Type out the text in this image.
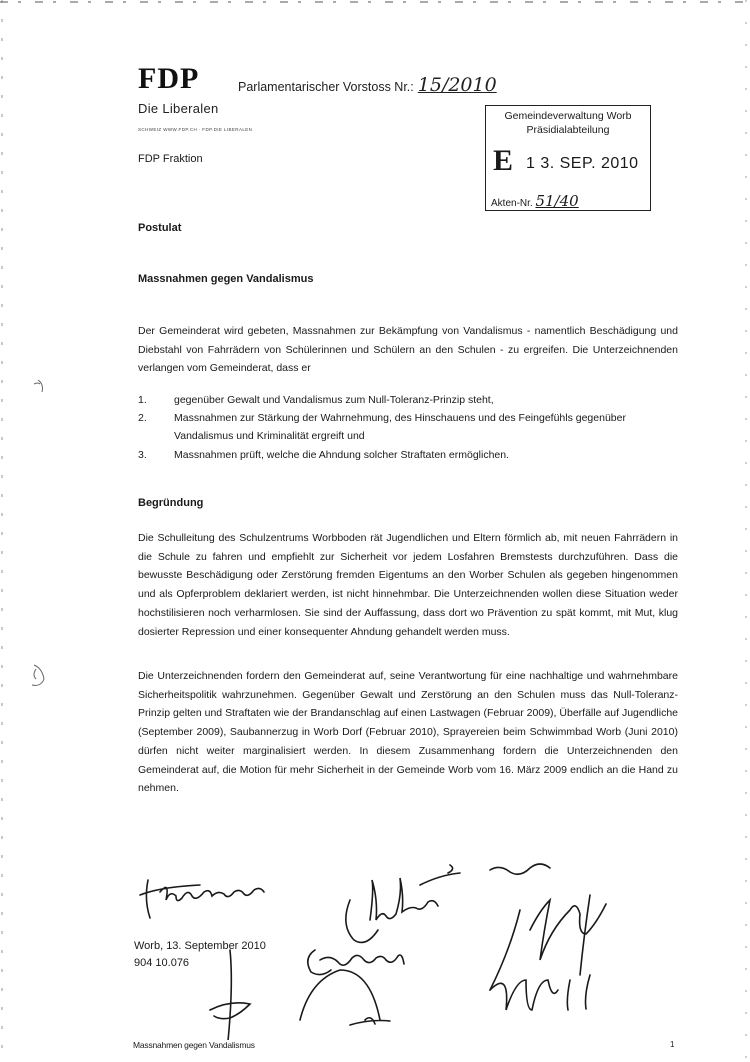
FDP	Parlamentarischer Vorstoss Nr.: 15/2010
Die Liberalen
SCHWEIZ WWW.FDP.CH · FDP.DIE LIBERALEN
FDP Fraktion
Gemeindeverwaltung Worb
Präsidialabteilung
E 1 3. SEP. 2010
Akten-Nr. 51/40
Postulat
Massnahmen gegen Vandalismus
Der Gemeinderat wird gebeten, Massnahmen zur Bekämpfung von Vandalismus - namentlich Beschädigung und Diebstahl von Fahrrädern von Schülerinnen und Schülern an den Schulen - zu ergreifen. Die Unterzeichnenden verlangen vom Gemeinderat, dass er
1.	gegenüber Gewalt und Vandalismus zum Null-Toleranz-Prinzip steht,
2.	Massnahmen zur Stärkung der Wahrnehmung, des Hinschauens und des Feingefühls gegenüber Vandalismus und Kriminalität ergreift und
3.	Massnahmen prüft, welche die Ahndung solcher Straftaten ermöglichen.
Begründung
Die Schulleitung des Schulzentrums Worbboden rät Jugendlichen und Eltern förmlich ab, mit neuen Fahrrädern in die Schule zu fahren und empfiehlt zur Sicherheit vor jedem Losfahren Bremstests durchzuführen. Dass die bewusste Beschädigung oder Zerstörung fremden Eigentums an den Worber Schulen als gegeben hingenommen und als Opferproblem deklariert werden, ist nicht hinnehmbar. Die Unterzeichnenden wollen diese Situation weder hochstilisieren noch verharmlosen. Sie sind der Auffassung, dass dort wo Prävention zu spät kommt, mit Mut, klug dosierter Repression und einer konsequenter Ahndung gehandelt werden muss.
Die Unterzeichnenden fordern den Gemeinderat auf, seine Verantwortung für eine nachhaltige und wahrnehmbare Sicherheitspolitik wahrzunehmen. Gegenüber Gewalt und Zerstörung an den Schulen muss das Null-Toleranz-Prinzip gelten und Straftaten wie der Brandanschlag auf einen Lastwagen (Februar 2009), Überfälle auf Jugendliche (September 2009), Saubannerzug in Worb Dorf (Februar 2010), Sprayereien beim Schwimmbad Worb (Juni 2010) dürfen nicht weiter marginalisiert werden. In diesem Zusammenhang fordern die Unterzeichnenden den Gemeinderat auf, die Motion für mehr Sicherheit in der Gemeinde Worb vom 16. März 2009 endlich an die Hand zu nehmen.
Worb, 13. September 2010
904 10.076
Massnahmen gegen Vandalismus	1
